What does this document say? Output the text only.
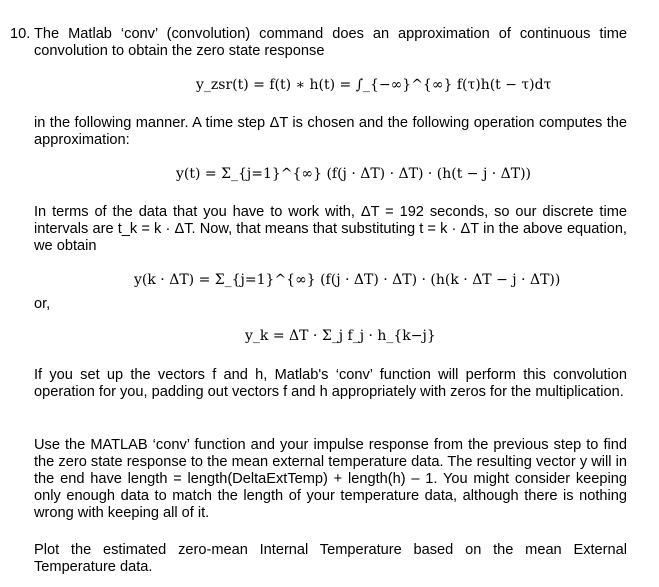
10. The Matlab ‘conv’ (convolution) command does an approximation of continuous time convolution to obtain the zero state response

y_zsr(t) = f(t) ∗ h(t) = ∫_{−∞}^{∞} f(τ)h(t − τ)dτ

in the following manner. A time step ΔT is chosen and the following operation computes the approximation:

y(t) = Σ_{j=1}^{∞} (f(j · ΔT) · ΔT) · (h(t − j · ΔT))

In terms of the data that you have to work with, ΔT = 192 seconds, so our discrete time intervals are t_k = k · ΔT. Now, that means that substituting t = k · ΔT in the above equation, we obtain

y(k · ΔT) = Σ_{j=1}^{∞} (f(j · ΔT) · ΔT) · (h(k · ΔT − j · ΔT))

or,

y_k = ΔT · Σ_j f_j · h_{k−j}

If you set up the vectors f and h, Matlab's ‘conv’ function will perform this convolution operation for you, padding out vectors f and h appropriately with zeros for the multiplication.

Use the MATLAB ‘conv’ function and your impulse response from the previous step to find the zero state response to the mean external temperature data. The resulting vector y will in the end have length = length(DeltaExtTemp) + length(h) – 1. You might consider keeping only enough data to match the length of your temperature data, although there is nothing wrong with keeping all of it.

Plot the estimated zero-mean Internal Temperature based on the mean External Temperature data.
